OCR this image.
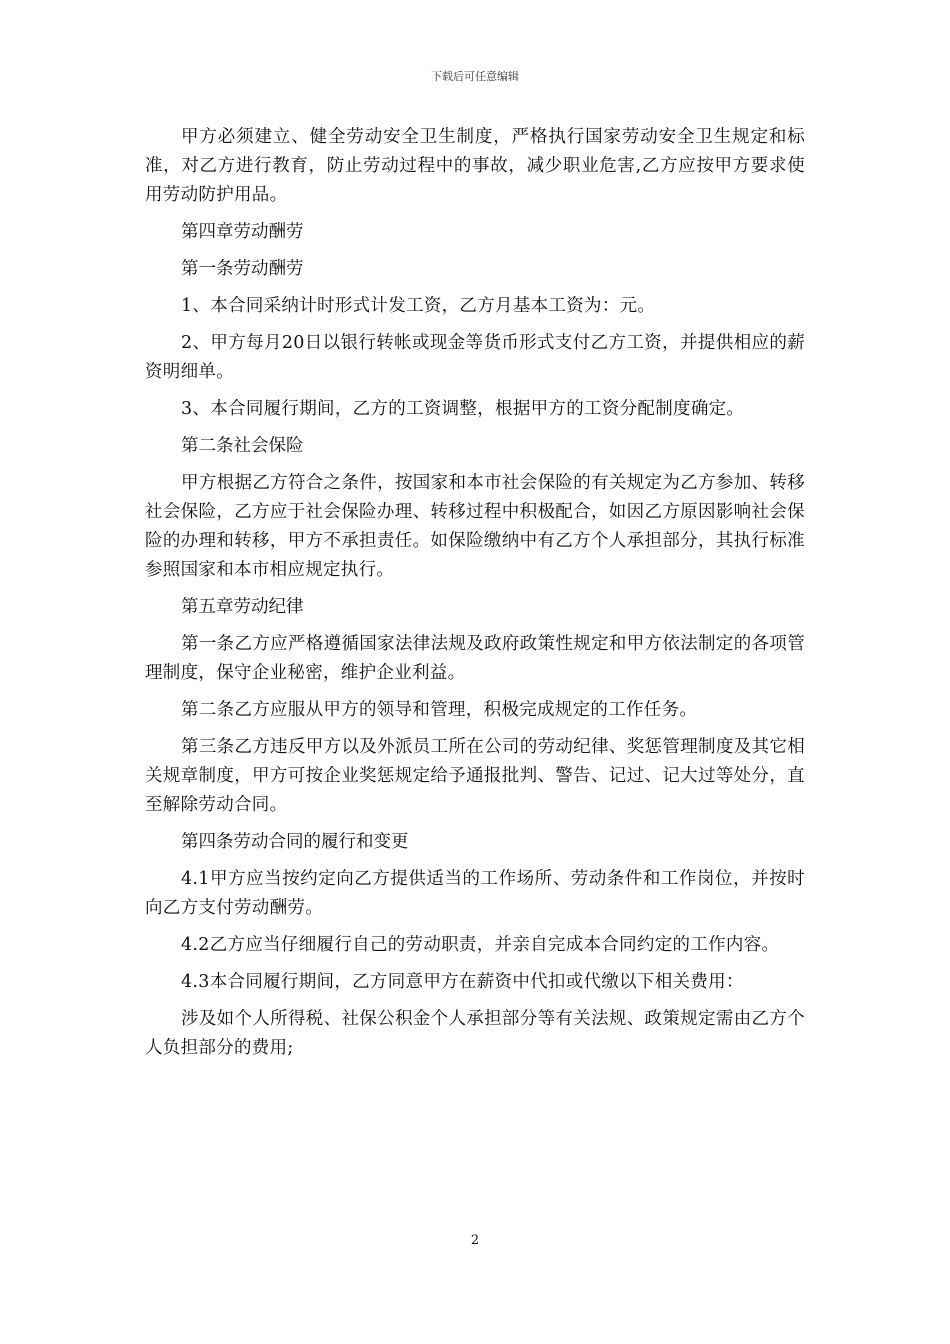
下载后可任意编辑

甲方必须建立、健全劳动安全卫生制度，严格执行国家劳动安全卫生规定和标准，对乙方进行教育，防止劳动过程中的事故，减少职业危害,乙方应按甲方要求使用劳动防护用品。

第四章劳动酬劳

第一条劳动酬劳

1、本合同采纳计时形式计发工资，乙方月基本工资为：元。

2、甲方每月20日以银行转帐或现金等货币形式支付乙方工资，并提供相应的薪资明细单。

3、本合同履行期间，乙方的工资调整，根据甲方的工资分配制度确定。

第二条社会保险

甲方根据乙方符合之条件，按国家和本市社会保险的有关规定为乙方参加、转移社会保险，乙方应于社会保险办理、转移过程中积极配合，如因乙方原因影响社会保险的办理和转移，甲方不承担责任。如保险缴纳中有乙方个人承担部分，其执行标准参照国家和本市相应规定执行。

第五章劳动纪律

第一条乙方应严格遵循国家法律法规及政府政策性规定和甲方依法制定的各项管理制度，保守企业秘密，维护企业利益。

第二条乙方应服从甲方的领导和管理，积极完成规定的工作任务。

第三条乙方违反甲方以及外派员工所在公司的劳动纪律、奖惩管理制度及其它相关规章制度，甲方可按企业奖惩规定给予通报批判、警告、记过、记大过等处分，直至解除劳动合同。

第四条劳动合同的履行和变更

4.1甲方应当按约定向乙方提供适当的工作场所、劳动条件和工作岗位，并按时向乙方支付劳动酬劳。

4.2乙方应当仔细履行自己的劳动职责，并亲自完成本合同约定的工作内容。

4.3本合同履行期间，乙方同意甲方在薪资中代扣或代缴以下相关费用：

涉及如个人所得税、社保公积金个人承担部分等有关法规、政策规定需由乙方个人负担部分的费用;

2
